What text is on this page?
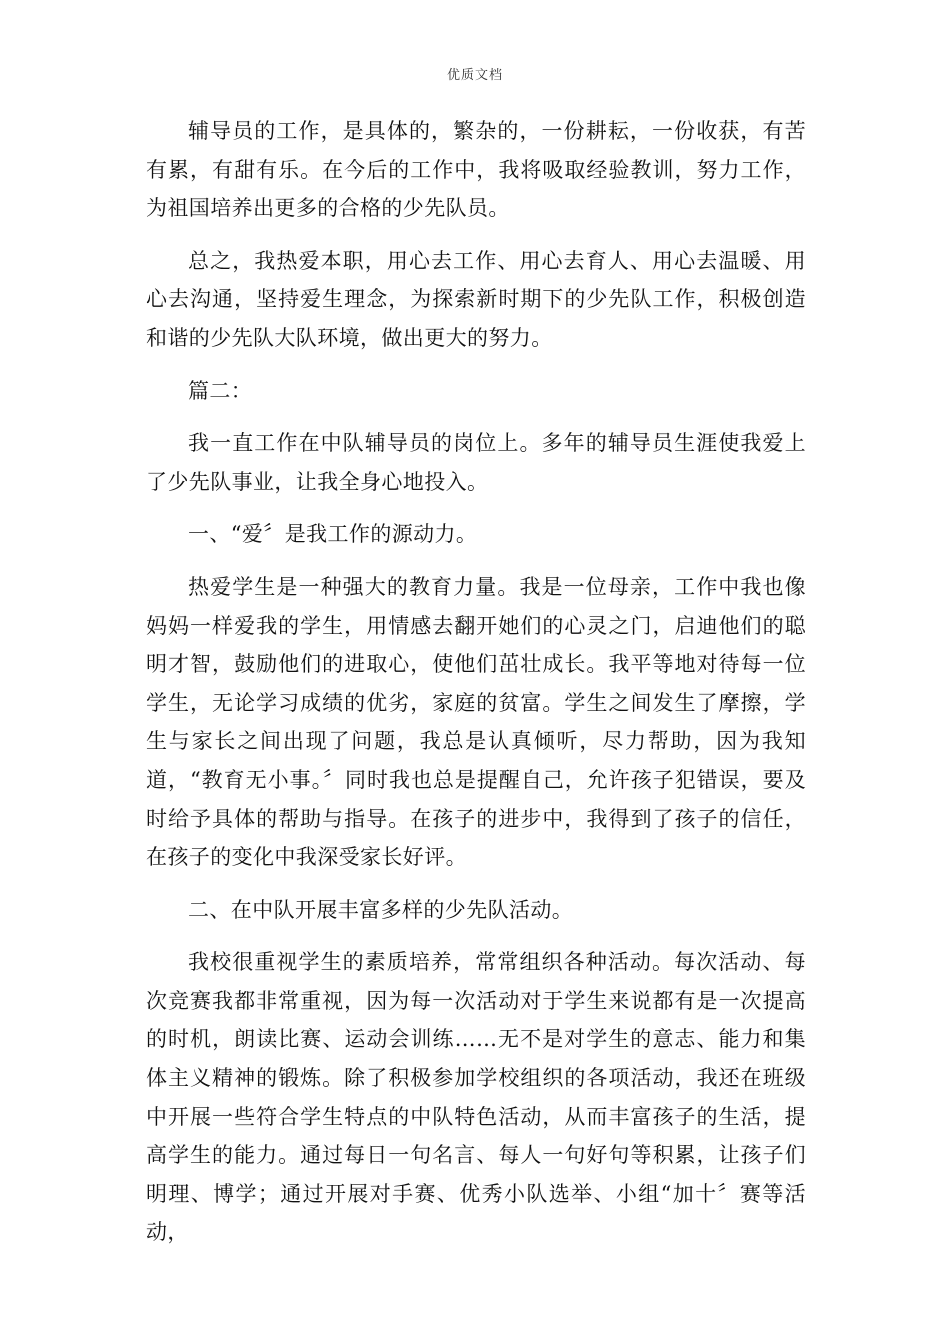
优质文档

辅导员的工作，是具体的，繁杂的，一份耕耘，一份收获，有苦有累，有甜有乐。在今后的工作中，我将吸取经验教训，努力工作，为祖国培养出更多的合格的少先队员。

总之，我热爱本职，用心去工作、用心去育人、用心去温暖、用心去沟通，坚持爱生理念，为探索新时期下的少先队工作，积极创造和谐的少先队大队环境，做出更大的努力。

篇二：

我一直工作在中队辅导员的岗位上。多年的辅导员生涯使我爱上了少先队事业，让我全身心地投入。

一、“爱〞是我工作的源动力。

热爱学生是一种强大的教育力量。我是一位母亲，工作中我也像妈妈一样爱我的学生，用情感去翻开她们的心灵之门，启迪他们的聪明才智，鼓励他们的进取心，使他们茁壮成长。我平等地对待每一位学生，无论学习成绩的优劣，家庭的贫富。学生之间发生了摩擦，学生与家长之间出现了问题，我总是认真倾听，尽力帮助，因为我知道，“教育无小事。〞同时我也总是提醒自己，允许孩子犯错误，要及时给予具体的帮助与指导。在孩子的进步中，我得到了孩子的信任，在孩子的变化中我深受家长好评。

二、在中队开展丰富多样的少先队活动。

我校很重视学生的素质培养，常常组织各种活动。每次活动、每次竞赛我都非常重视，因为每一次活动对于学生来说都有是一次提高的时机，朗读比赛、运动会训练……无不是对学生的意志、能力和集体主义精神的锻炼。除了积极参加学校组织的各项活动，我还在班级中开展一些符合学生特点的中队特色活动，从而丰富孩子的生活，提高学生的能力。通过每日一句名言、每人一句好句等积累，让孩子们明理、博学；通过开展对手赛、优秀小队选举、小组“加十〞赛等活动，
